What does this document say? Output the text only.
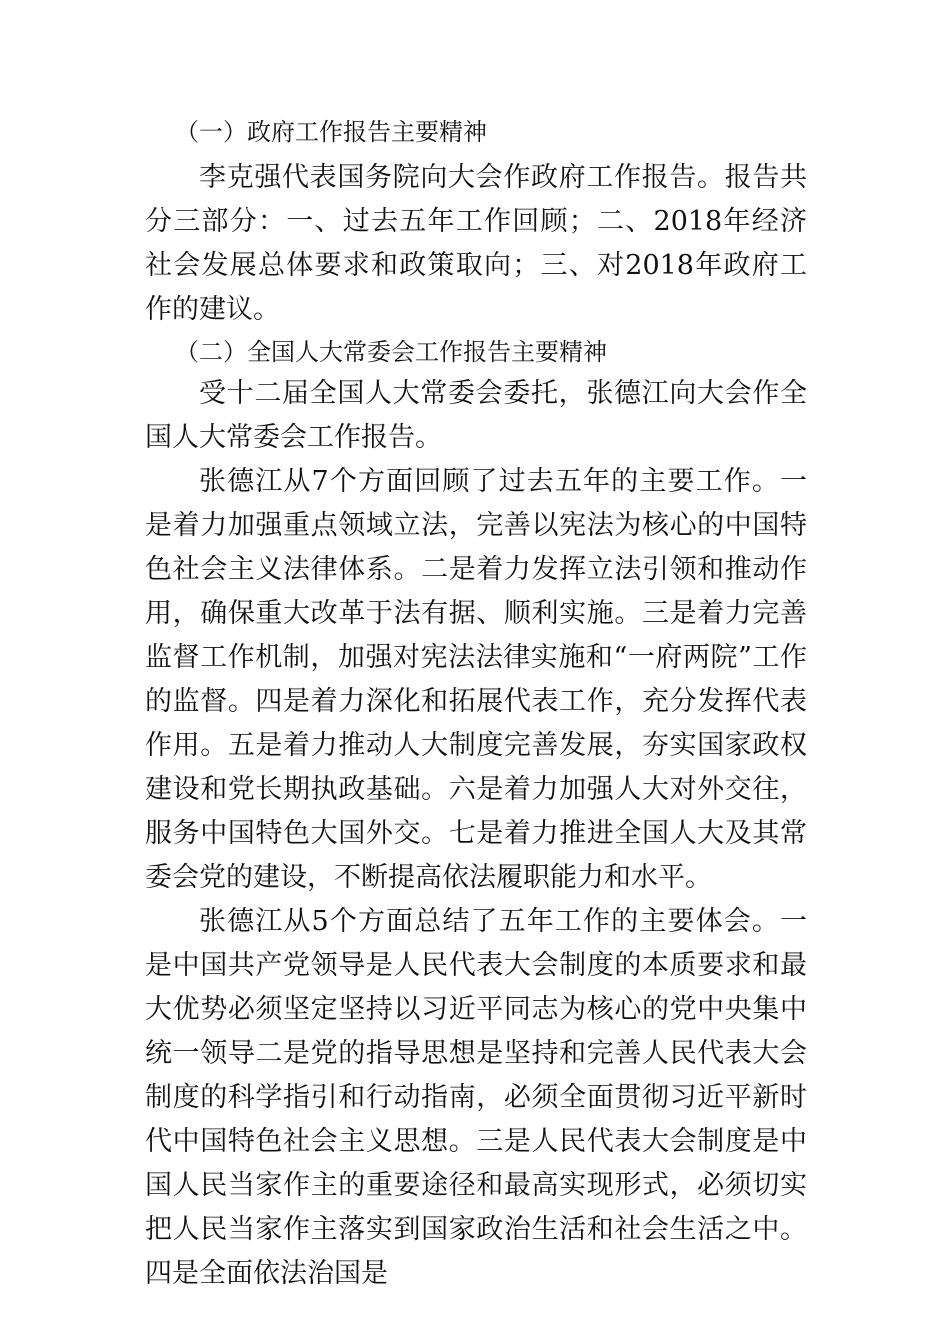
（一）政府工作报告主要精神

李克强代表国务院向大会作政府工作报告。报告共分三部分：一、过去五年工作回顾；二、2018年经济社会发展总体要求和政策取向；三、对2018年政府工作的建议。

（二）全国人大常委会工作报告主要精神

受十二届全国人大常委会委托，张德江向大会作全国人大常委会工作报告。

张德江从7个方面回顾了过去五年的主要工作。一是着力加强重点领域立法，完善以宪法为核心的中国特色社会主义法律体系。二是着力发挥立法引领和推动作用，确保重大改革于法有据、顺利实施。三是着力完善监督工作机制，加强对宪法法律实施和“一府两院”工作的监督。四是着力深化和拓展代表工作，充分发挥代表作用。五是着力推动人大制度完善发展，夯实国家政权建设和党长期执政基础。六是着力加强人大对外交往，服务中国特色大国外交。七是着力推进全国人大及其常委会党的建设，不断提高依法履职能力和水平。

张德江从5个方面总结了五年工作的主要体会。一是中国共产党领导是人民代表大会制度的本质要求和最大优势必须坚定坚持以习近平同志为核心的党中央集中统一领导二是党的指导思想是坚持和完善人民代表大会制度的科学指引和行动指南，必须全面贯彻习近平新时代中国特色社会主义思想。三是人民代表大会制度是中国人民当家作主的重要途径和最高实现形式，必须切实把人民当家作主落实到国家政治生活和社会生活之中。四是全面依法治国是
